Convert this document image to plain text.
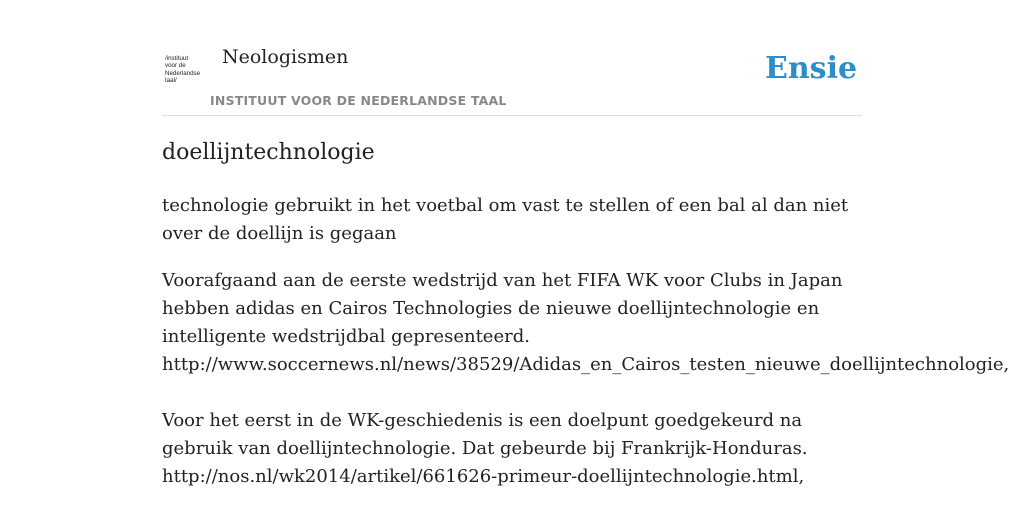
/instituut
voor de
Nederlandse
taal/
Neologismen
INSTITUUT VOOR DE NEDERLANDSE TAAL
Ensie
doellijntechnologie
technologie gebruikt in het voetbal om vast te stellen of een bal al dan niet over de doellijn is gegaan
Voorafgaand aan de eerste wedstrijd van het FIFA WK voor Clubs in Japan hebben adidas en Cairos Technologies de nieuwe doellijntechnologie en intelligente wedstrijdbal gepresenteerd.
http://www.soccernews.nl/news/38529/Adidas_en_Cairos_testen_nieuwe_doellijntechnologie,
Voor het eerst in de WK-geschiedenis is een doelpunt goedgekeurd na gebruik van doellijntechnologie. Dat gebeurde bij Frankrijk-Honduras.
http://nos.nl/wk2014/artikel/661626-primeur-doellijntechnologie.html,
